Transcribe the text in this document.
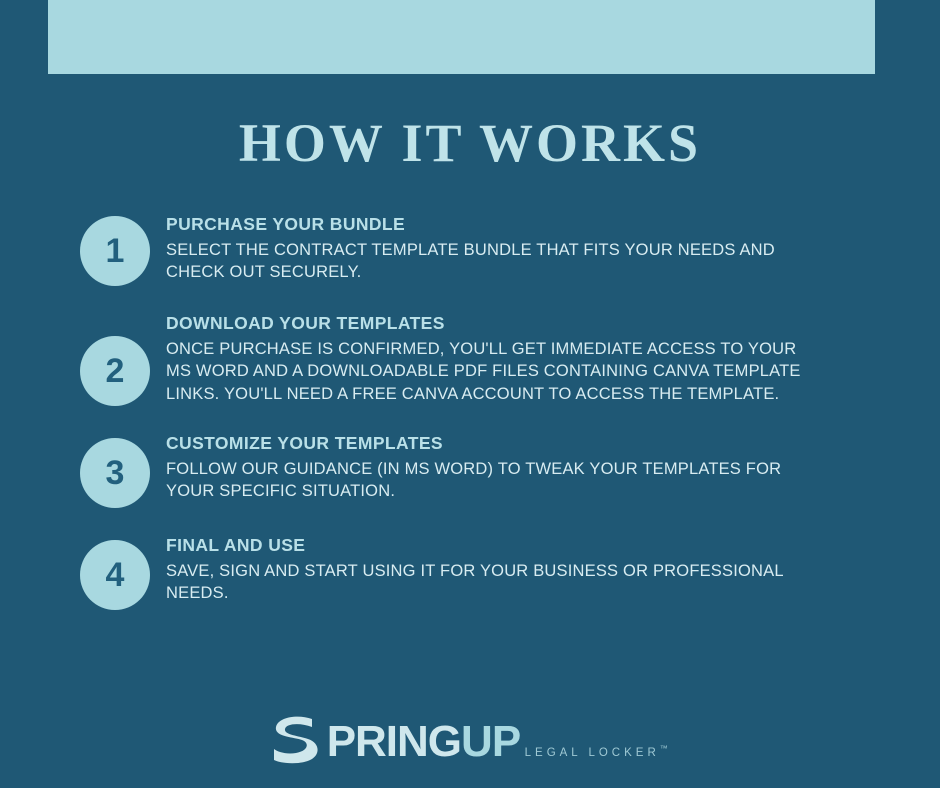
HOW IT WORKS
1
PURCHASE YOUR BUNDLE
SELECT THE CONTRACT TEMPLATE BUNDLE THAT FITS YOUR NEEDS AND CHECK OUT SECURELY.
2
DOWNLOAD YOUR TEMPLATES
ONCE PURCHASE IS CONFIRMED, YOU'LL GET IMMEDIATE ACCESS TO YOUR MS WORD AND A DOWNLOADABLE PDF FILES CONTAINING CANVA TEMPLATE LINKS. YOU'LL NEED A FREE CANVA ACCOUNT TO ACCESS THE TEMPLATE.
3
CUSTOMIZE YOUR TEMPLATES
FOLLOW OUR GUIDANCE (IN MS WORD) TO TWEAK YOUR TEMPLATES FOR YOUR SPECIFIC SITUATION.
4
FINAL AND USE
SAVE, SIGN AND START USING IT FOR YOUR BUSINESS OR PROFESSIONAL NEEDS.
PRINGUP LEGAL LOCKER™
